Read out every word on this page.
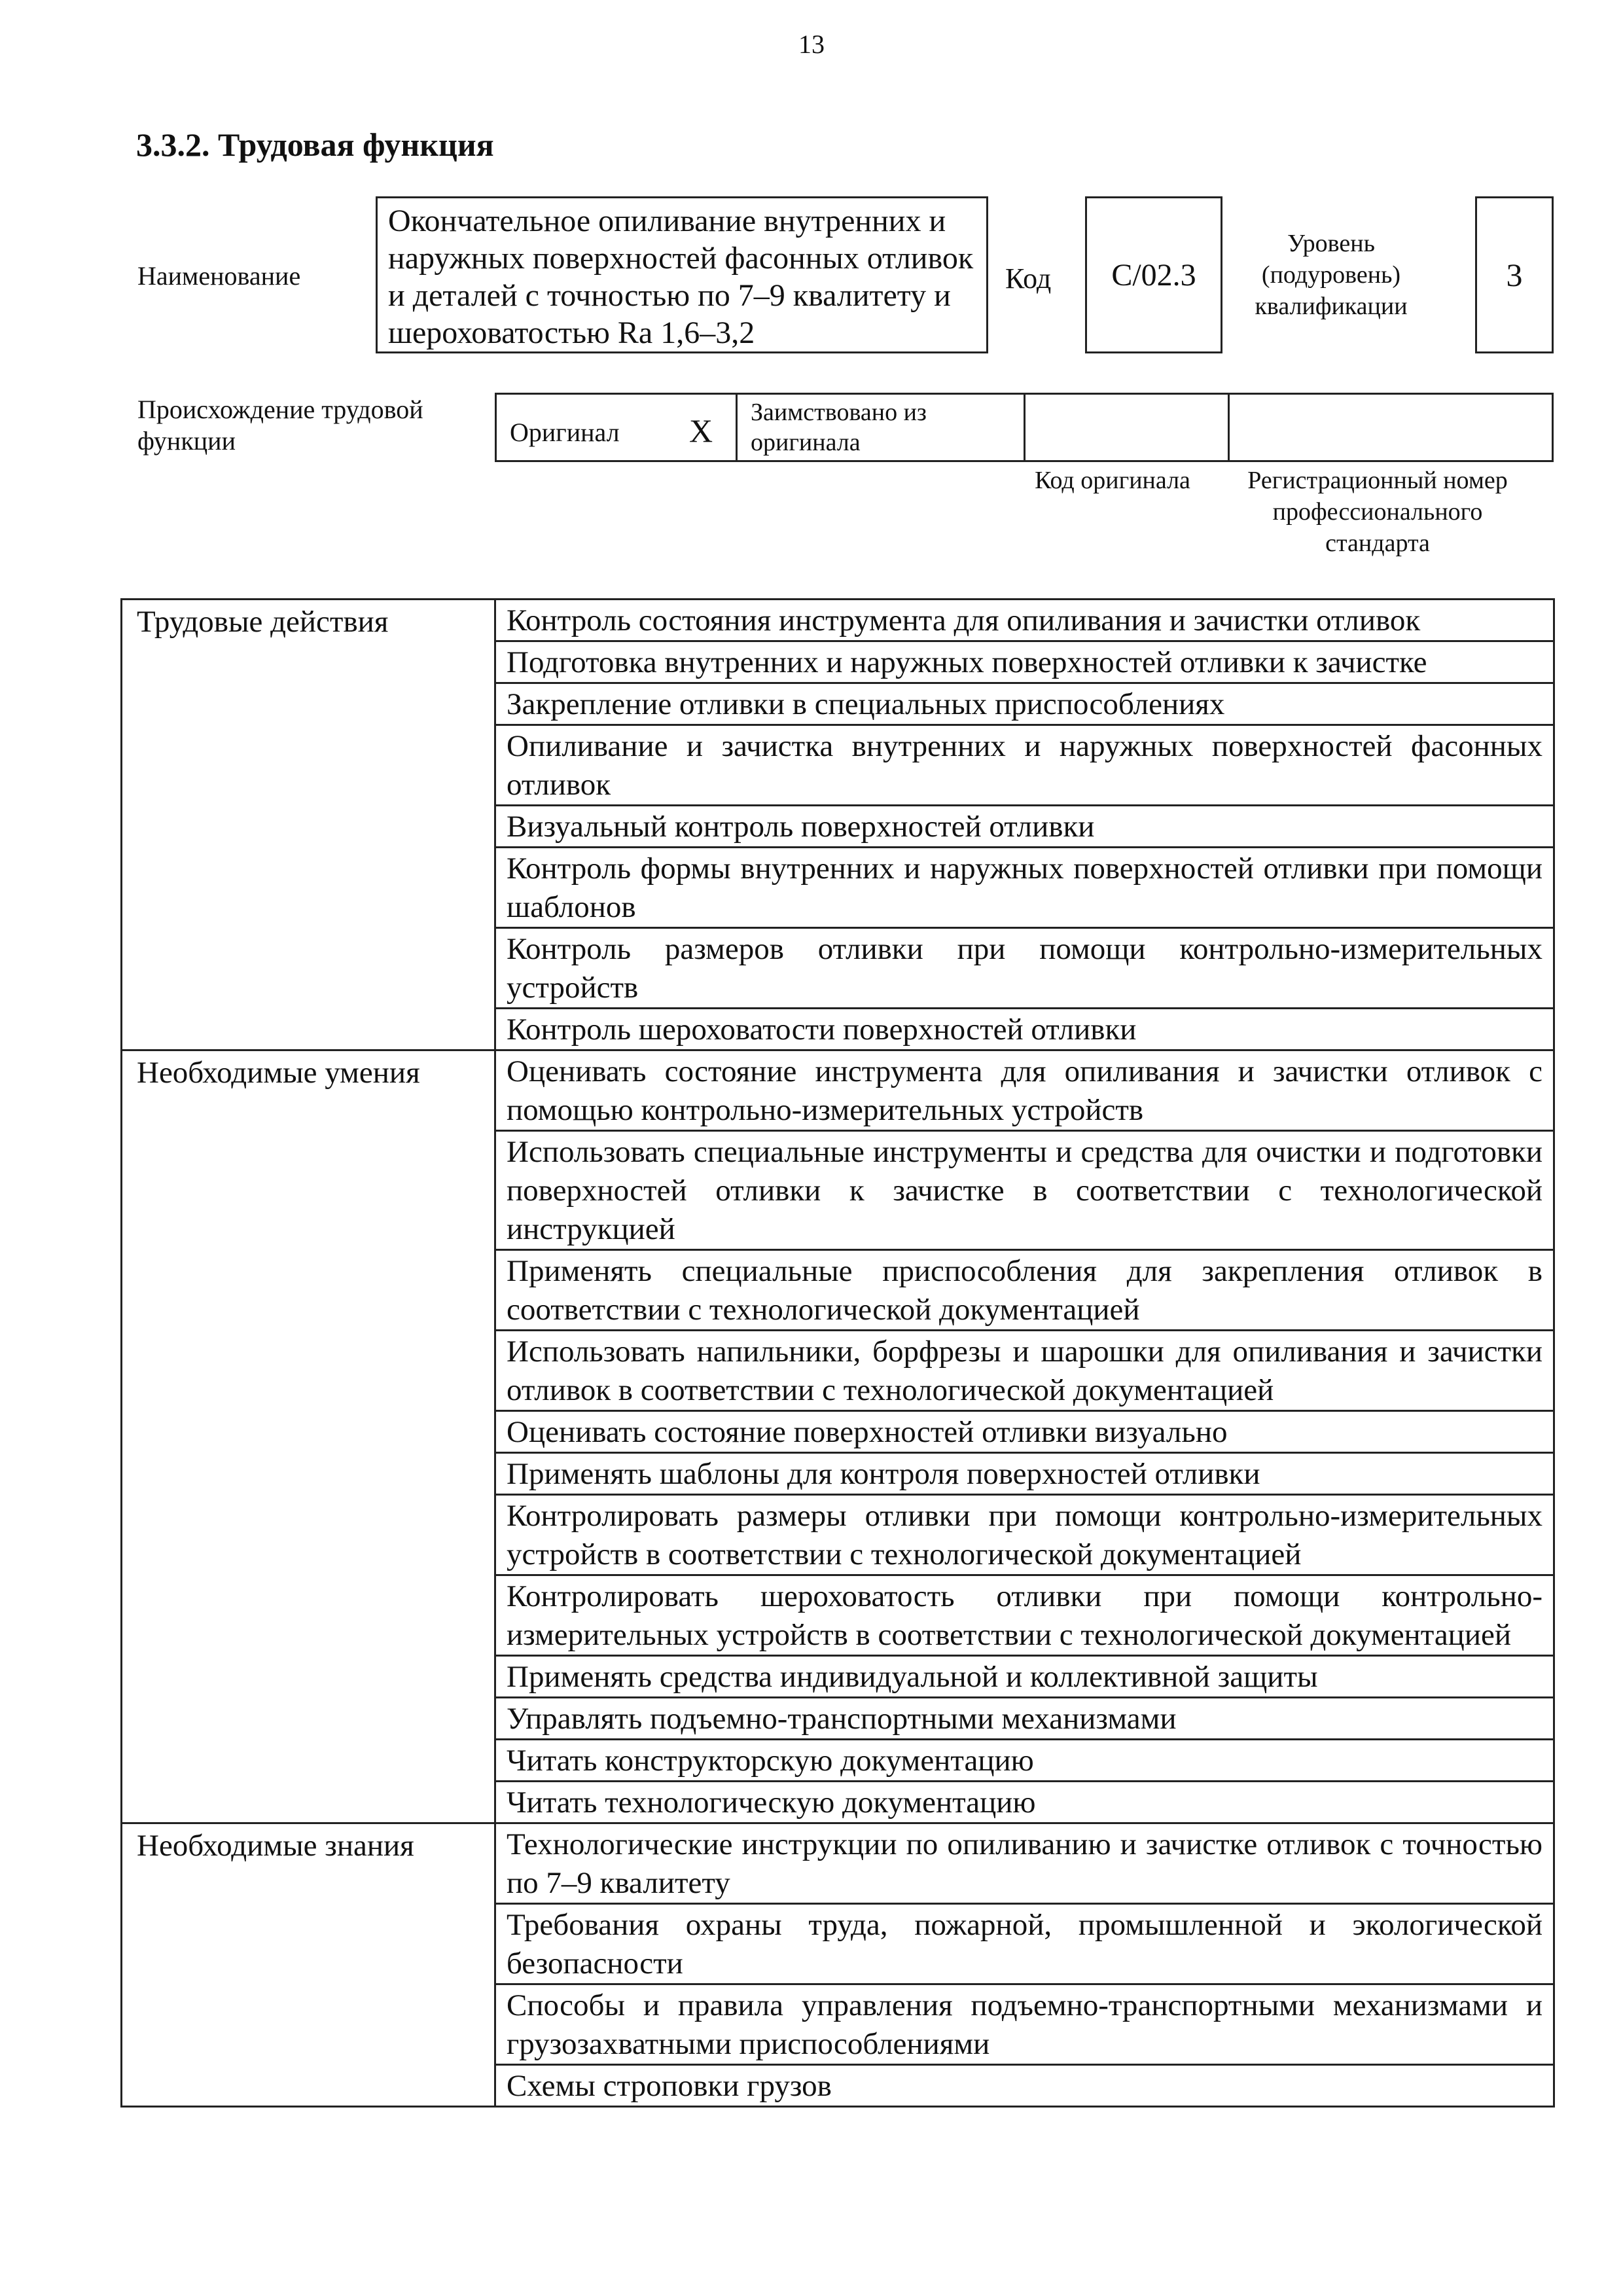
13
3.3.2. Трудовая функция
Наименование
Окончательное опиливание внутренних и наружных поверхностей фасонных отливок и деталей с точностью по 7–9 квалитету и шероховатостью Ra 1,6–3,2
Код С/02.3
Уровень (подуровень) квалификации
3
Происхождение трудовой функции	Оригинал X	Заимствовано из оригинала
Код оригинала	Регистрационный номер профессионального стандарта
Трудовые действия	Контроль состояния инструмента для опиливания и зачистки отливок
	Подготовка внутренних и наружных поверхностей отливки к зачистке
	Закрепление отливки в специальных приспособлениях
	Опиливание и зачистка внутренних и наружных поверхностей фасонных отливок
	Визуальный контроль поверхностей отливки
	Контроль формы внутренних и наружных поверхностей отливки при помощи шаблонов
	Контроль размеров отливки при помощи контрольно-измерительных устройств
	Контроль шероховатости поверхностей отливки
Необходимые умения	Оценивать состояние инструмента для опиливания и зачистки отливок с помощью контрольно-измерительных устройств
	Использовать специальные инструменты и средства для очистки и подготовки поверхностей отливки к зачистке в соответствии с технологической инструкцией
	Применять специальные приспособления для закрепления отливок в соответствии с технологической документацией
	Использовать напильники, борфрезы и шарошки для опиливания и зачистки отливок в соответствии с технологической документацией
	Оценивать состояние поверхностей отливки визуально
	Применять шаблоны для контроля поверхностей отливки
	Контролировать размеры отливки при помощи контрольно-измерительных устройств в соответствии с технологической документацией
	Контролировать шероховатость отливки при помощи контрольно-измерительных устройств в соответствии с технологической документацией
	Применять средства индивидуальной и коллективной защиты
	Управлять подъемно-транспортными механизмами
	Читать конструкторскую документацию
	Читать технологическую документацию
Необходимые знания	Технологические инструкции по опиливанию и зачистке отливок с точностью по 7–9 квалитету
	Требования охраны труда, пожарной, промышленной и экологической безопасности
	Способы и правила управления подъемно-транспортными механизмами и грузозахватными приспособлениями
	Схемы строповки грузов
